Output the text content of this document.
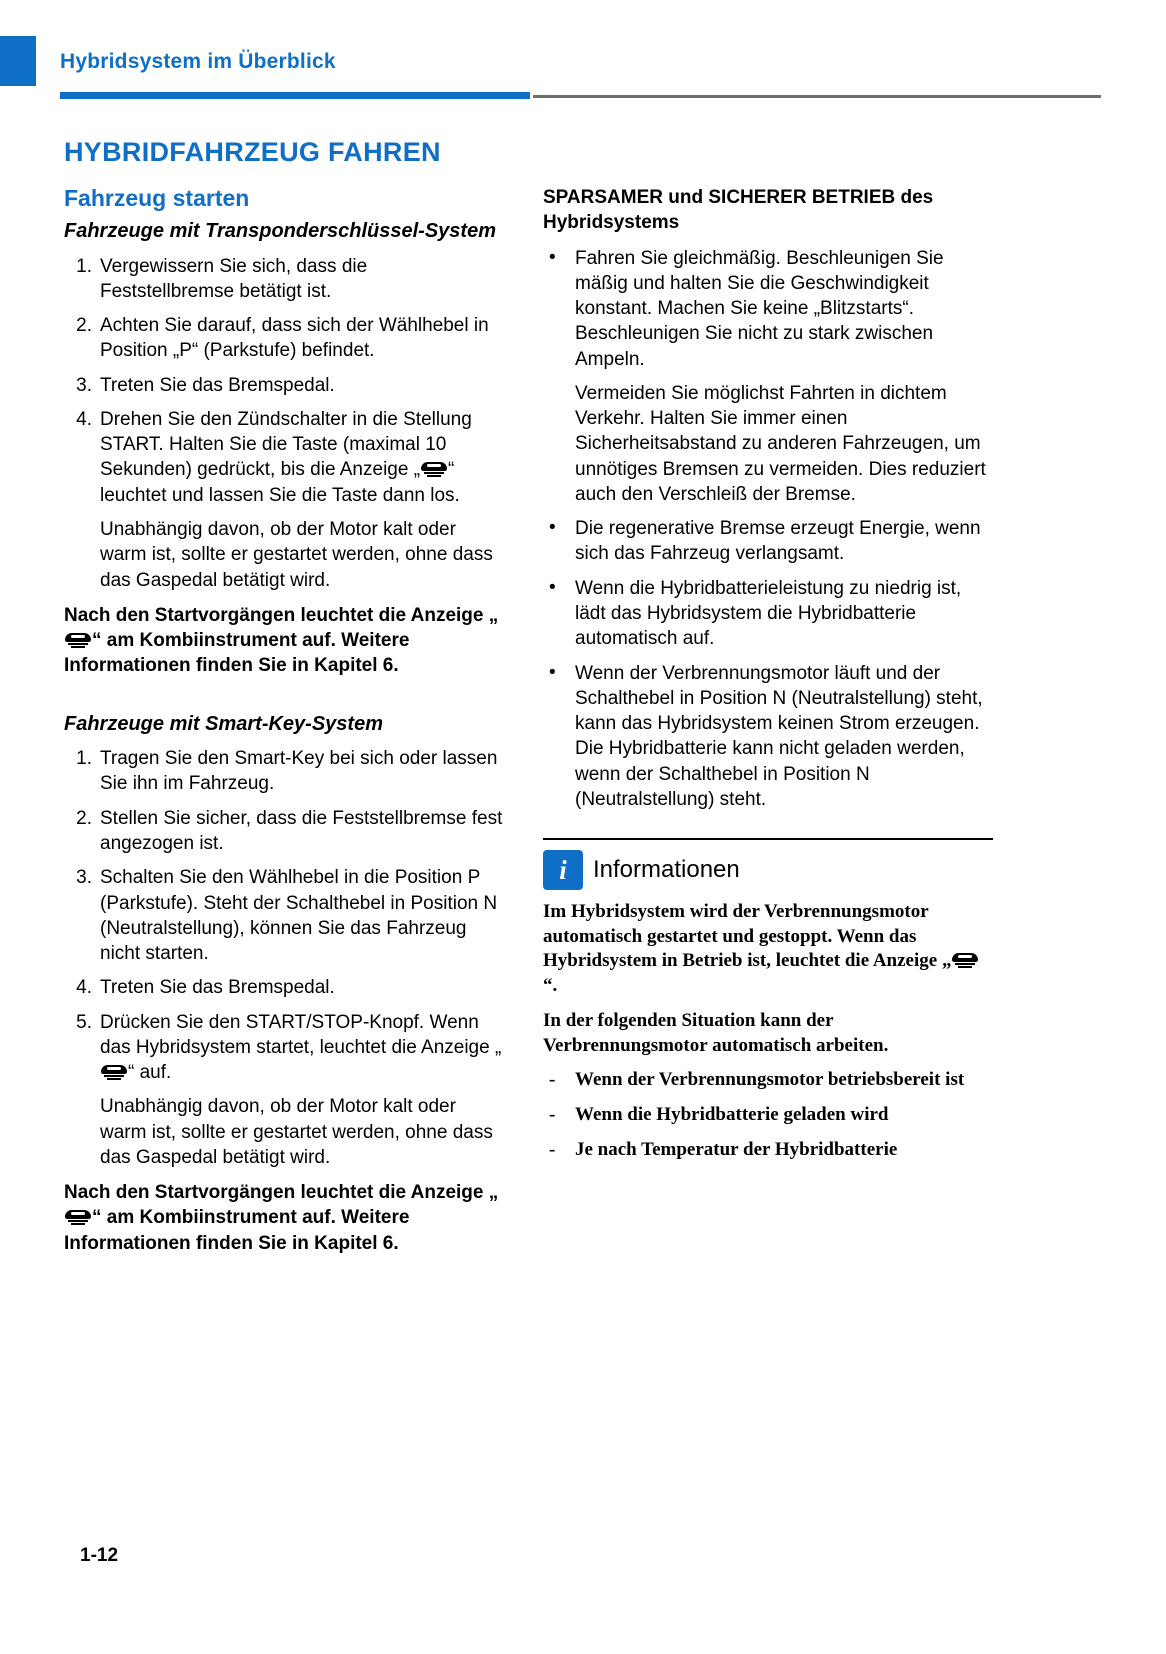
Hybridsystem im Überblick
HYBRIDFAHRZEUG FAHREN
Fahrzeug starten
Fahrzeuge mit Transponderschlüssel-System
1. Vergewissern Sie sich, dass die Feststellbremse betätigt ist.
2. Achten Sie darauf, dass sich der Wählhebel in Position „P“ (Parkstufe) befindet.
3. Treten Sie das Bremspedal.
4. Drehen Sie den Zündschalter in die Stellung START. Halten Sie die Taste (maximal 10 Sekunden) gedrückt, bis die Anzeige „ “ leuchtet und lassen Sie die Taste dann los.

Unabhängig davon, ob der Motor kalt oder warm ist, sollte er gestartet werden, ohne dass das Gaspedal betätigt wird.

Nach den Startvorgängen leuchtet die Anzeige „
“ am Kombiinstrument auf. Weitere Informationen finden Sie in Kapitel 6.

Fahrzeuge mit Smart-Key-System
1. Tragen Sie den Smart-Key bei sich oder lassen Sie ihn im Fahrzeug.
2. Stellen Sie sicher, dass die Feststellbremse fest angezogen ist.
3. Schalten Sie den Wählhebel in die Position P (Parkstufe). Steht der Schalthebel in Position N (Neutralstellung), können Sie das Fahrzeug nicht starten.
4. Treten Sie das Bremspedal.
5. Drücken Sie den START/STOP-Knopf. Wenn das Hybridsystem startet, leuchtet die Anzeige „
“ auf.

Unabhängig davon, ob der Motor kalt oder warm ist, sollte er gestartet werden, ohne dass das Gaspedal betätigt wird.

Nach den Startvorgängen leuchtet die Anzeige „
“ am Kombiinstrument auf. Weitere Informationen finden Sie in Kapitel 6.

SPARSAMER und SICHERER BETRIEB des Hybridsystems

• Fahren Sie gleichmäßig. Beschleunigen Sie mäßig und halten Sie die Geschwindigkeit konstant. Machen Sie keine „Blitzstarts“. Beschleunigen Sie nicht zu stark zwischen Ampeln.

Vermeiden Sie möglichst Fahrten in dichtem Verkehr. Halten Sie immer einen Sicherheitsabstand zu anderen Fahrzeugen, um unnötiges Bremsen zu vermeiden. Dies reduziert auch den Verschleiß der Bremse.

• Die regenerative Bremse erzeugt Energie, wenn sich das Fahrzeug verlangsamt.
• Wenn die Hybridbatterieleistung zu niedrig ist, lädt das Hybridsystem die Hybridbatterie automatisch auf.
• Wenn der Verbrennungsmotor läuft und der Schalthebel in Position N (Neutralstellung) steht, kann das Hybridsystem keinen Strom erzeugen. Die Hybridbatterie kann nicht geladen werden, wenn der Schalthebel in Position N (Neutralstellung) steht.
i	Informationen

Im Hybridsystem wird der Verbrennungsmotor automatisch gestartet und gestoppt. Wenn das Hybridsystem in Betrieb ist, leuchtet die Anzeige „
“.

In der folgenden Situation kann der Verbrennungsmotor automatisch arbeiten.

- Wenn der Verbrennungsmotor betriebsbereit ist
- Wenn die Hybridbatterie geladen wird
- Je nach Temperatur der Hybridbatterie
1-12
